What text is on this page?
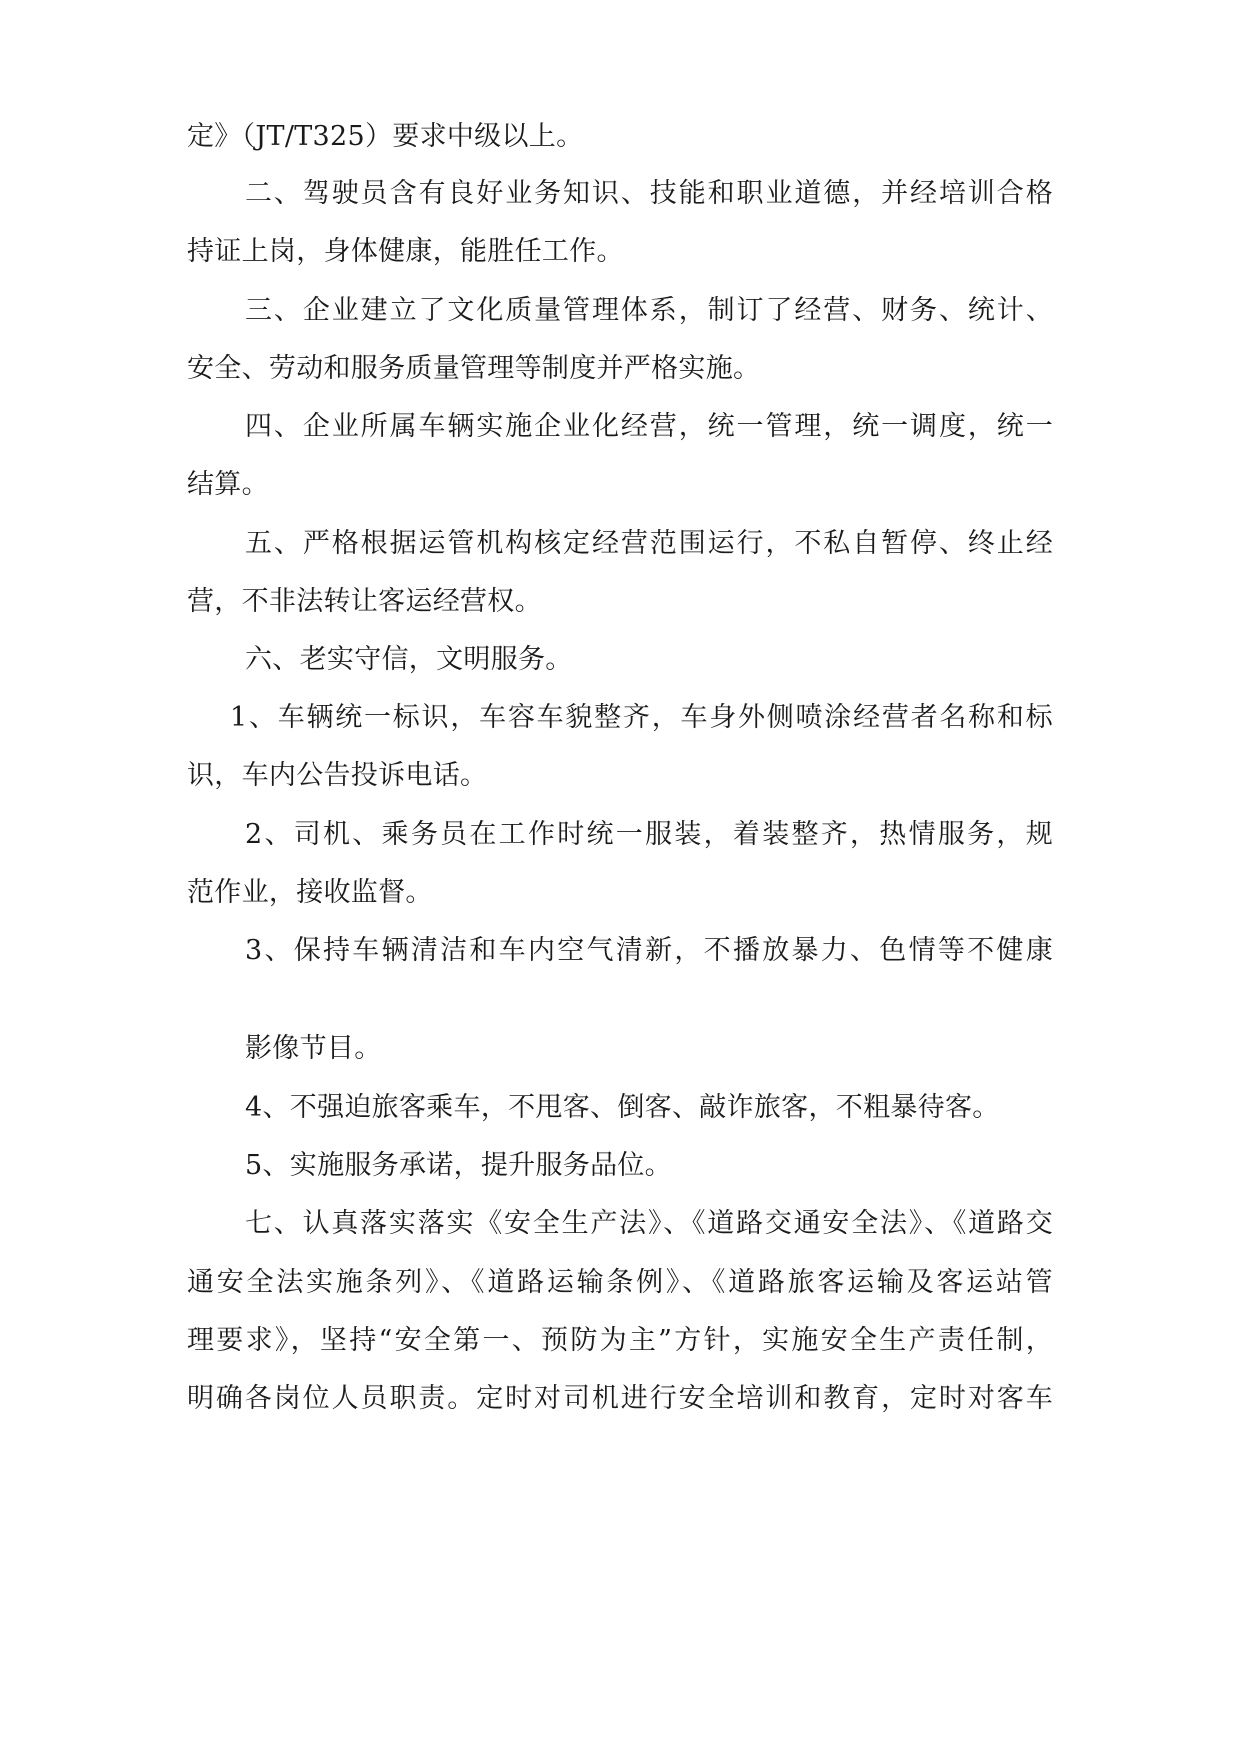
定》（JT/T325）要求中级以上。
二、驾驶员含有良好业务知识、技能和职业道德，并经培训合格
持证上岗，身体健康，能胜任工作。
三、企业建立了文化质量管理体系，制订了经营、财务、统计、
安全、劳动和服务质量管理等制度并严格实施。
四、企业所属车辆实施企业化经营，统一管理，统一调度，统一
结算。
五、严格根据运管机构核定经营范围运行，不私自暂停、终止经
营，不非法转让客运经营权。
六、老实守信，文明服务。
1、车辆统一标识，车容车貌整齐，车身外侧喷涂经营者名称和标
识，车内公告投诉电话。
2、司机、乘务员在工作时统一服装，着装整齐，热情服务，规
范作业，接收监督。
3、保持车辆清洁和车内空气清新，不播放暴力、色情等不健康
影像节目。
4、不强迫旅客乘车，不甩客、倒客、敲诈旅客，不粗暴待客。
5、实施服务承诺，提升服务品位。
七、认真落实落实《安全生产法》、《道路交通安全法》、《道路交
通安全法实施条列》、《道路运输条例》、《道路旅客运输及客运站管
理要求》，坚持“安全第一、预防为主”方针，实施安全生产责任制，
明确各岗位人员职责。定时对司机进行安全培训和教育，定时对客车
